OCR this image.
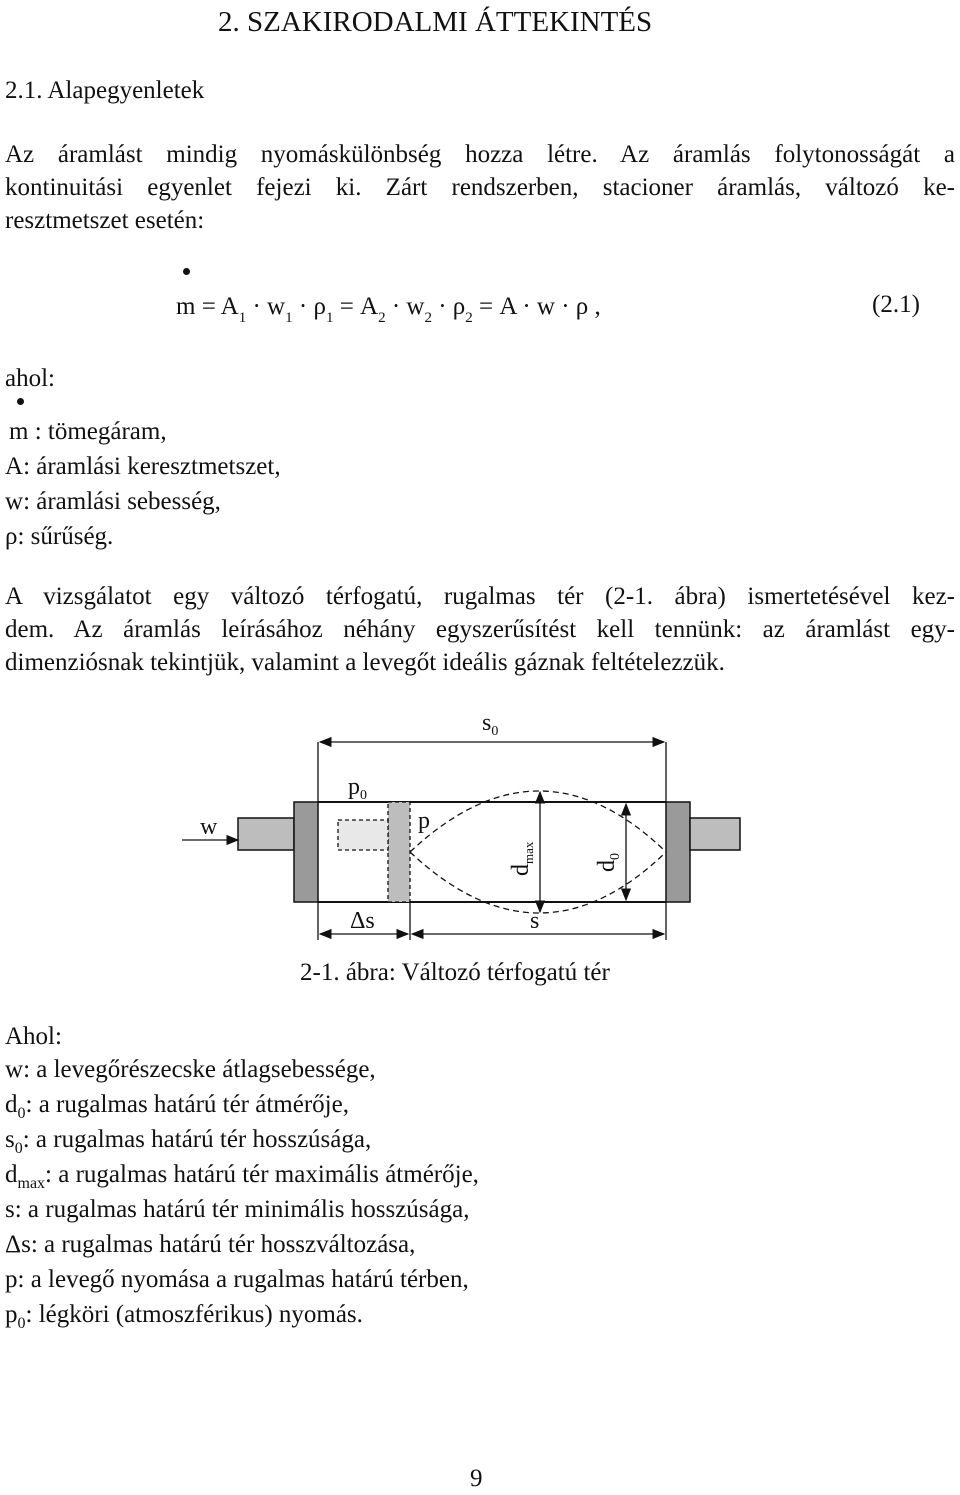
2. SZAKIRODALMI ÁTTEKINTÉS
2.1. Alapegyenletek
Az áramlást mindig nyomáskülönbség hozza létre. Az áramlás folytonosságát a
kontinuitási egyenlet fejezi ki. Zárt rendszerben, stacioner áramlás, változó ke-
resztmetszet esetén:
$m = A_1 \cdot w_1 \cdot \rho_1 = A_2 \cdot w_2 \cdot \rho_2 = A \cdot w \cdot \rho$ ,	(2.1)
ahol:
m : tömegáram,
A: áramlási keresztmetszet,
w: áramlási sebesség,
ρ: sűrűség.
A vizsgálatot egy változó térfogatú, rugalmas tér (2-1. ábra) ismertetésével kez-
dem. Az áramlás leírásához néhány egyszerűsítést kell tennünk: az áramlást egy-
dimenziósnak tekintjük, valamint a levegőt ideális gáznak feltételezzük.
$s_0$
$p_0$
w	p
$d_{max}$
$d_0$
Δs	s
2-1. ábra: Változó térfogatú tér
Ahol:
w: a levegőrészecske átlagsebessége,
$d_0$: a rugalmas határú tér átmérője,
$s_0$: a rugalmas határú tér hosszúsága,
$d_{max}$: a rugalmas határú tér maximális átmérője,
s: a rugalmas határú tér minimális hosszúsága,
Δs: a rugalmas határú tér hosszváltozása,
p: a levegő nyomása a rugalmas határú térben,
$p_0$: légköri (atmoszférikus) nyomás.
9
